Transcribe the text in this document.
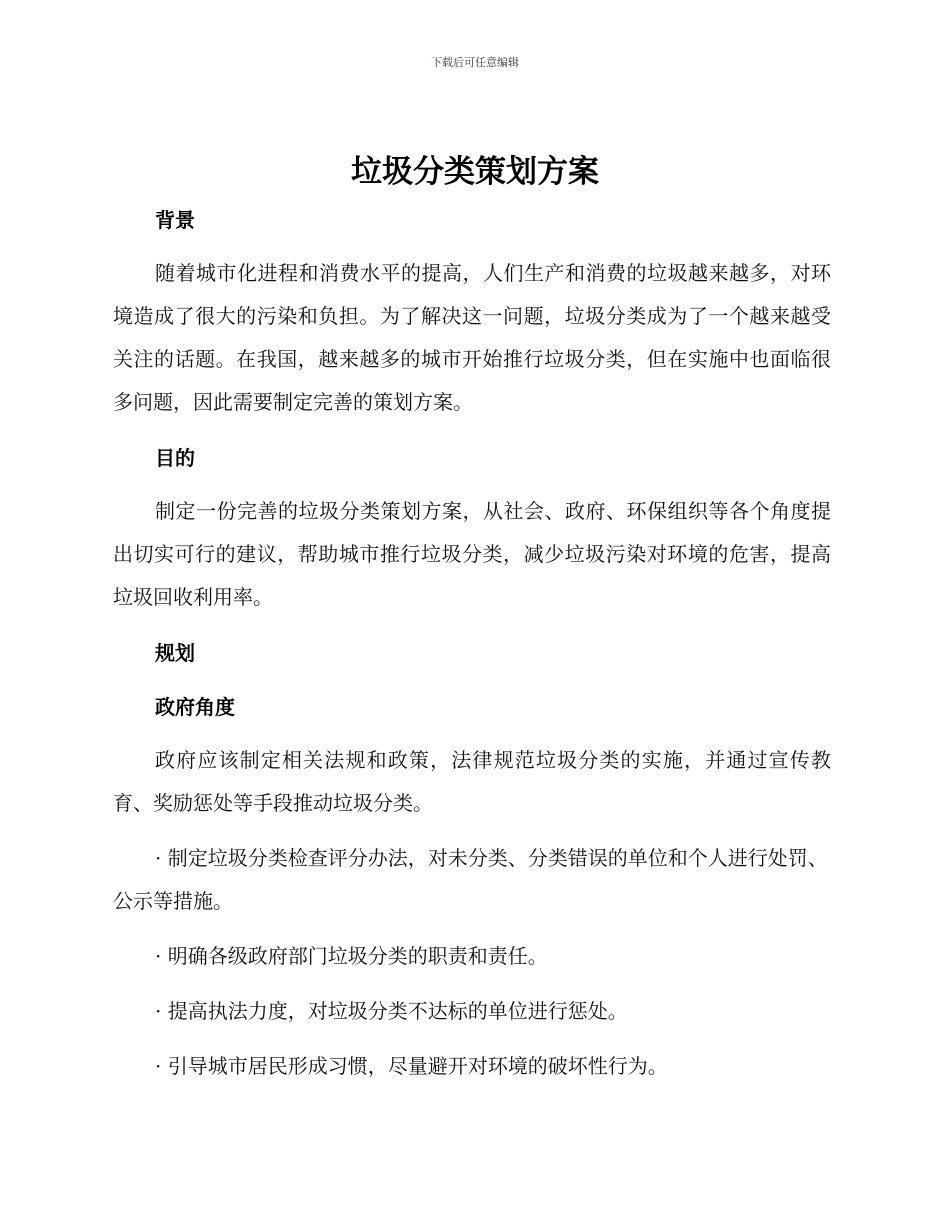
下载后可任意编辑
垃圾分类策划方案
背景

随着城市化进程和消费水平的提高，人们生产和消费的垃圾越来越多，对环境造成了很大的污染和负担。为了解决这一问题，垃圾分类成为了一个越来越受关注的话题。在我国，越来越多的城市开始推行垃圾分类，但在实施中也面临很多问题，因此需要制定完善的策划方案。

目的

制定一份完善的垃圾分类策划方案，从社会、政府、环保组织等各个角度提出切实可行的建议，帮助城市推行垃圾分类，减少垃圾污染对环境的危害，提高垃圾回收利用率。

规划
政府角度

政府应该制定相关法规和政策，法律规范垃圾分类的实施，并通过宣传教育、奖励惩处等手段推动垃圾分类。

· 制定垃圾分类检查评分办法，对未分类、分类错误的单位和个人进行处罚、公示等措施。

· 明确各级政府部门垃圾分类的职责和责任。

· 提高执法力度，对垃圾分类不达标的单位进行惩处。

· 引导城市居民形成习惯，尽量避开对环境的破坏性行为。
